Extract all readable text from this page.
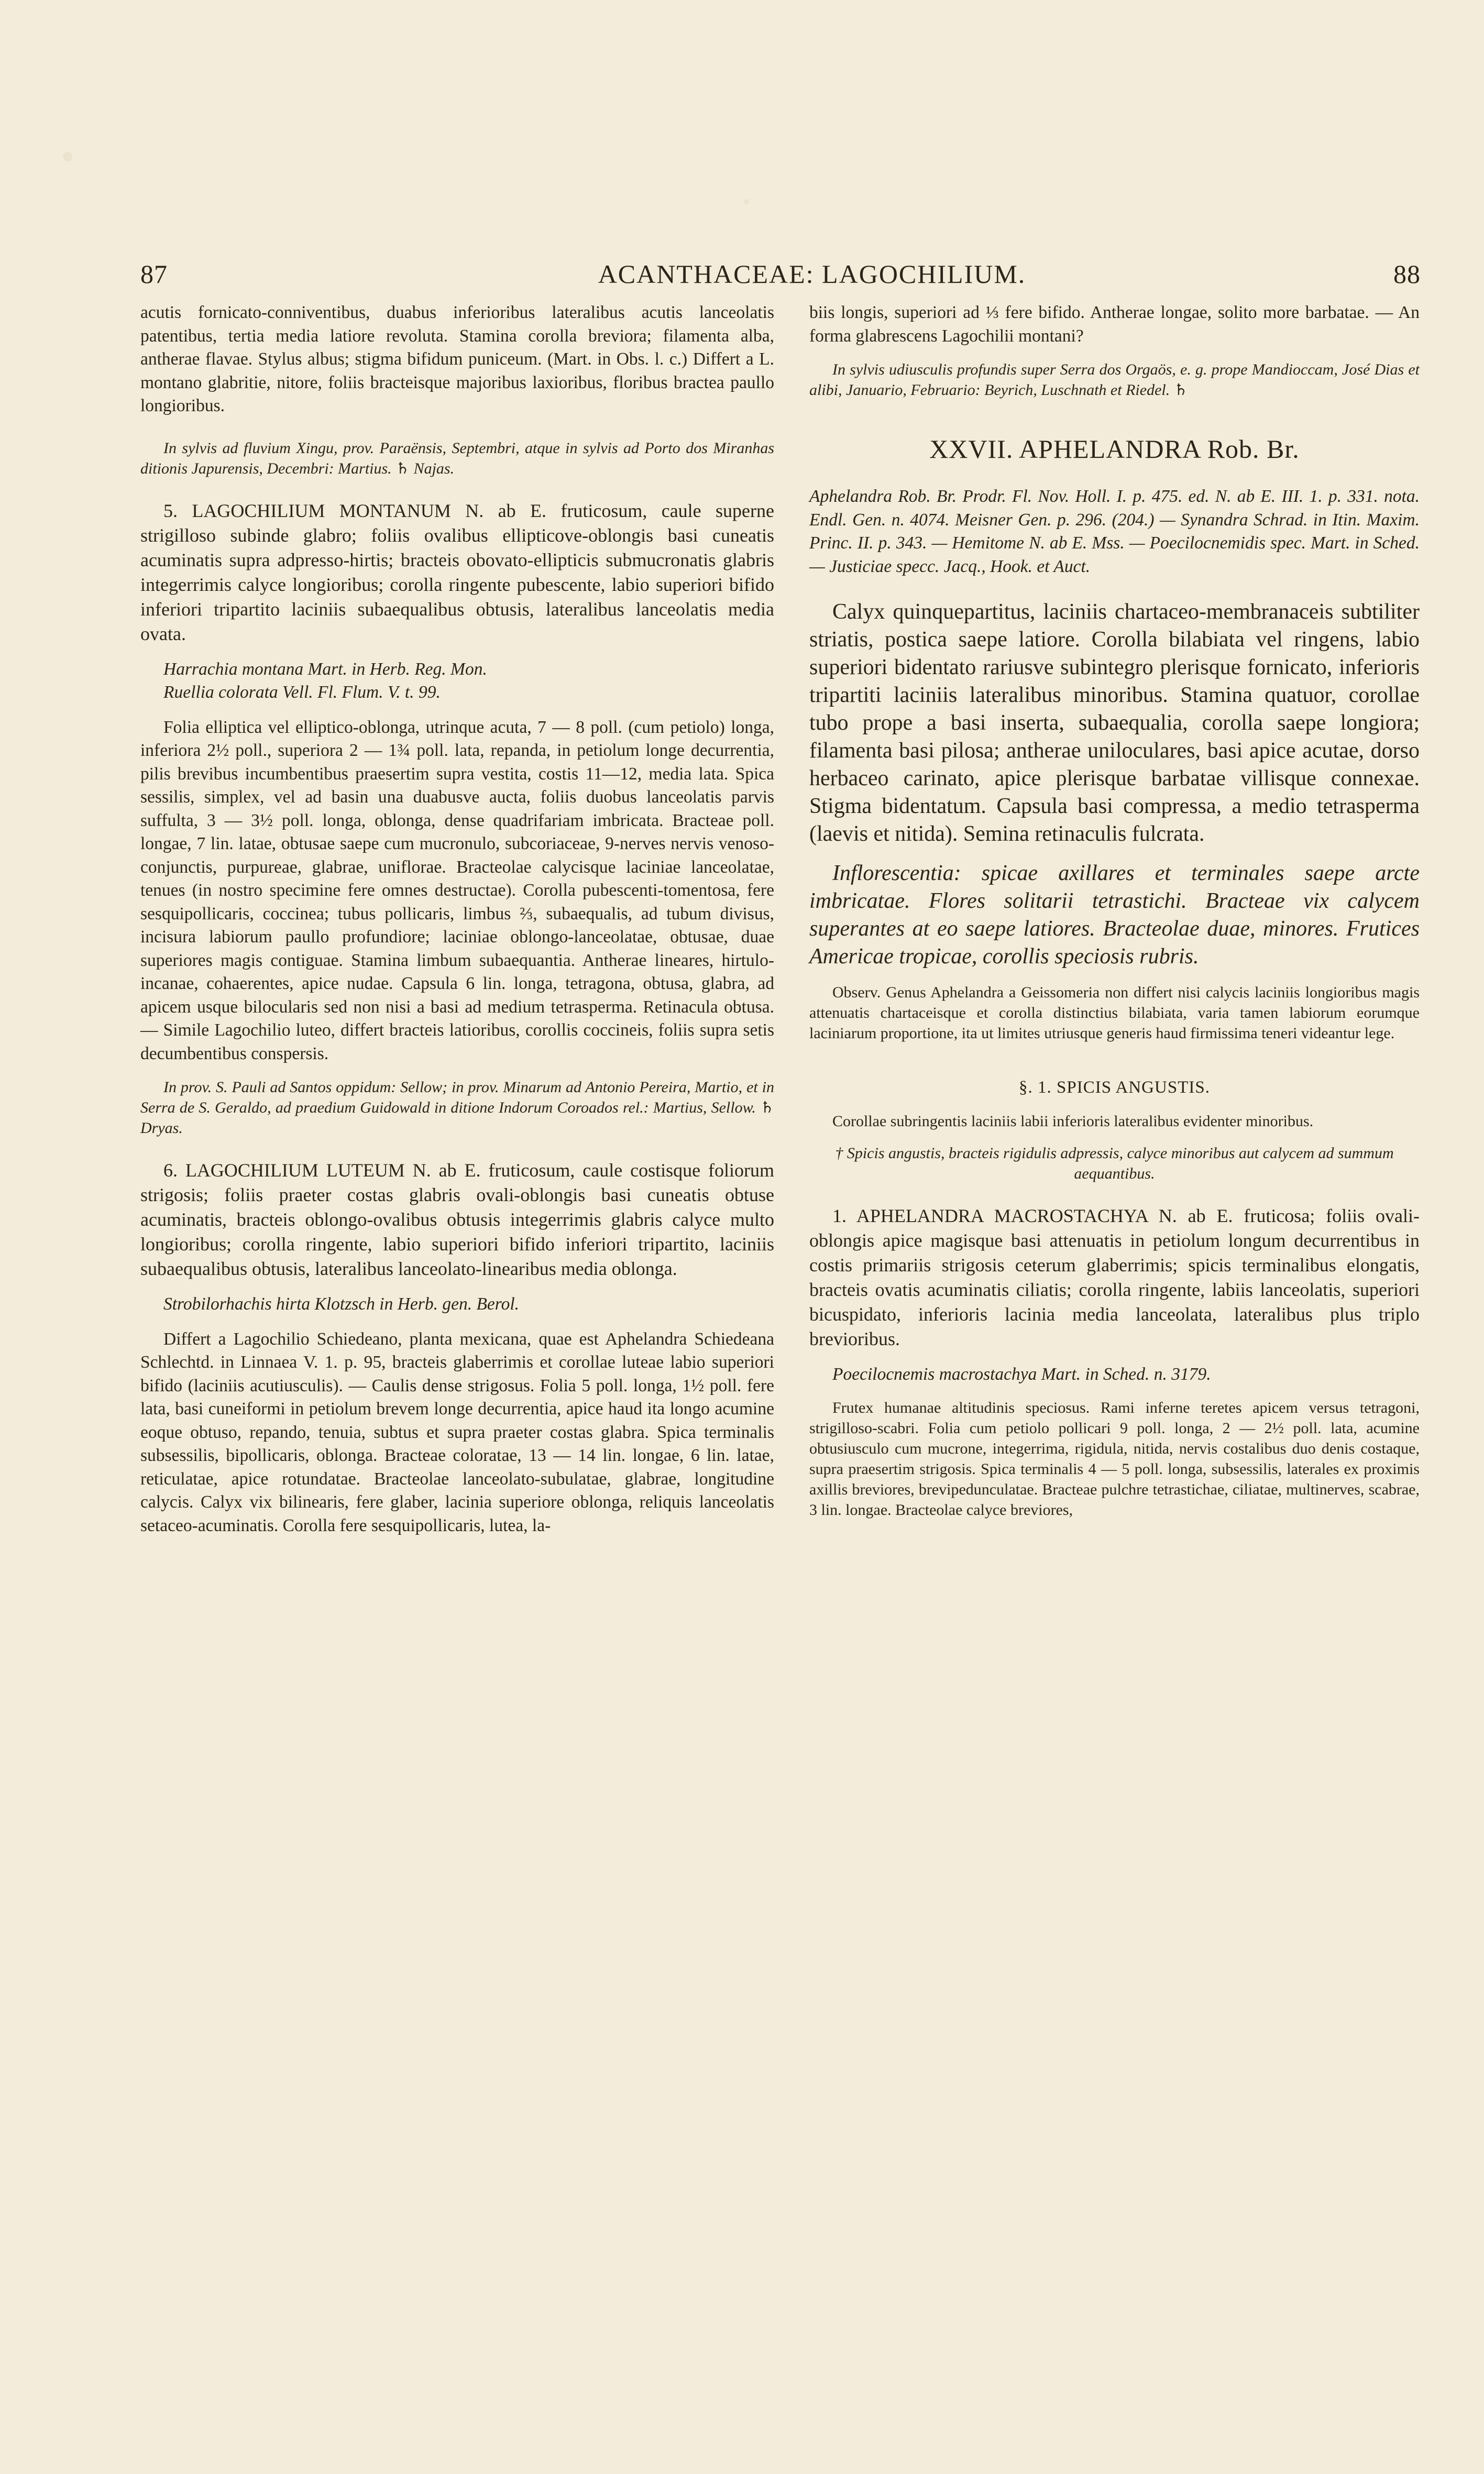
87	ACANTHACEAE: LAGOCHILIUM.	88

acutis fornicato-conniventibus, duabus inferioribus lateralibus acutis lanceolatis patentibus, tertia media latiore revoluta. Stamina corolla breviora; filamenta alba, antherae flavae. Stylus albus; stigma bifidum puniceum. (Mart. in Obs. l. c.) Differt a L. montano glabritie, nitore, foliis bracteisque majoribus laxioribus, floribus bractea paullo longioribus.

In sylvis ad fluvium Xingu, prov. Paraënsis, Septembri, atque in sylvis ad Porto dos Miranhas ditionis Japurensis, Decembri: Martius. ♄ Najas.

5. LAGOCHILIUM MONTANUM N. ab E. fruticosum, caule superne strigilloso subinde glabro; foliis ovalibus ellipticove-oblongis basi cuneatis acuminatis supra adpresso-hirtis; bracteis obovato-ellipticis submucronatis glabris integerrimis calyce longioribus; corolla ringente pubescente, labio superiori bifido inferiori tripartito laciniis subaequalibus obtusis, lateralibus lanceolatis media ovata.

Harrachia montana Mart. in Herb. Reg. Mon.

Ruellia colorata Vell. Fl. Flum. V. t. 99.

Folia elliptica vel elliptico-oblonga, utrinque acuta, 7 — 8 poll. (cum petiolo) longa, inferiora 2½ poll., superiora 2 — 1¾ poll. lata, repanda, in petiolum longe decurrentia, pilis brevibus incumbentibus praesertim supra vestita, costis 11—12, media lata. Spica sessilis, simplex, vel ad basin una duabusve aucta, foliis duobus lanceolatis parvis suffulta, 3 — 3½ poll. longa, oblonga, dense quadrifariam imbricata. Bracteae poll. longae, 7 lin. latae, obtusae saepe cum mucronulo, subcoriaceae, 9-nerves nervis venoso-conjunctis, purpureae, glabrae, uniflorae. Bracteolae calycisque laciniae lanceolatae, tenues (in nostro specimine fere omnes destructae). Corolla pubescenti-tomentosa, fere sesquipollicaris, coccinea; tubus pollicaris, limbus ⅔, subaequalis, ad tubum divisus, incisura labiorum paullo profundiore; laciniae oblongo-lanceolatae, obtusae, duae superiores magis contiguae. Stamina limbum subaequantia. Antherae lineares, hirtulo-incanae, cohaerentes, apice nudae. Capsula 6 lin. longa, tetragona, obtusa, glabra, ad apicem usque bilocularis sed non nisi a basi ad medium tetrasperma. Retinacula obtusa. — Simile Lagochilio luteo, differt bracteis latioribus, corollis coccineis, foliis supra setis decumbentibus conspersis.

In prov. S. Pauli ad Santos oppidum: Sellow; in prov. Minarum ad Antonio Pereira, Martio, et in Serra de S. Geraldo, ad praedium Guidowald in ditione Indorum Coroados rel.: Martius, Sellow. ♄ Dryas.

6. LAGOCHILIUM LUTEUM N. ab E. fruticosum, caule costisque foliorum strigosis; foliis praeter costas glabris ovali-oblongis basi cuneatis obtuse acuminatis, bracteis oblongo-ovalibus obtusis integerrimis glabris calyce multo longioribus; corolla ringente, labio superiori bifido inferiori tripartito, laciniis subaequalibus obtusis, lateralibus lanceolato-linearibus media oblonga.

Strobilorhachis hirta Klotzsch in Herb. gen. Berol.

Differt a Lagochilio Schiedeano, planta mexicana, quae est Aphelandra Schiedeana Schlechtd. in Linnaea V. 1. p. 95, bracteis glaberrimis et corollae luteae labio superiori bifido (laciniis acutiusculis). — Caulis dense strigosus. Folia 5 poll. longa, 1½ poll. fere lata, basi cuneiformi in petiolum brevem longe decurrentia, apice haud ita longo acumine eoque obtuso, repando, tenuia, subtus et supra praeter costas glabra. Spica terminalis subsessilis, bipollicaris, oblonga. Bracteae coloratae, 13 — 14 lin. longae, 6 lin. latae, reticulatae, apice rotundatae. Bracteolae lanceolato-subulatae, glabrae, longitudine calycis. Calyx vix bilinearis, fere glaber, lacinia superiore oblonga, reliquis lanceolatis setaceo-acuminatis. Corolla fere sesquipollicaris, lutea, la-

biis longis, superiori ad ⅓ fere bifido. Antherae longae, solito more barbatae. — An forma glabrescens Lagochilii montani?

In sylvis udiusculis profundis super Serra dos Orgaös, e. g. prope Mandioccam, José Dias et alibi, Januario, Februario: Beyrich, Luschnath et Riedel. ♄

XXVII. APHELANDRA Rob. Br.

Aphelandra Rob. Br. Prodr. Fl. Nov. Holl. I. p. 475. ed. N. ab E. III. 1. p. 331. nota. Endl. Gen. n. 4074. Meisner Gen. p. 296. (204.) — Synandra Schrad. in Itin. Maxim. Princ. II. p. 343. — Hemitome N. ab E. Mss. — Poecilocnemidis spec. Mart. in Sched. — Justiciae specc. Jacq., Hook. et Auct.

Calyx quinquepartitus, laciniis chartaceo-membranaceis subtiliter striatis, postica saepe latiore. Corolla bilabiata vel ringens, labio superiori bidentato rariusve subintegro plerisque fornicato, inferioris tripartiti laciniis lateralibus minoribus. Stamina quatuor, corollae tubo prope a basi inserta, subaequalia, corolla saepe longiora; filamenta basi pilosa; antherae uniloculares, basi apice acutae, dorso herbaceo carinato, apice plerisque barbatae villisque connexae. Stigma bidentatum. Capsula basi compressa, a medio tetrasperma (laevis et nitida). Semina retinaculis fulcrata.

Inflorescentia: spicae axillares et terminales saepe arcte imbricatae. Flores solitarii tetrastichi. Bracteae vix calycem superantes at eo saepe latiores. Bracteolae duae, minores. Frutices Americae tropicae, corollis speciosis rubris.

Observ. Genus Aphelandra a Geissomeria non differt nisi calycis laciniis longioribus magis attenuatis chartaceisque et corolla distinctius bilabiata, varia tamen labiorum eorumque laciniarum proportione, ita ut limites utriusque generis haud firmissima teneri videantur lege.

§. 1. SPICIS ANGUSTIS.

Corollae subringentis laciniis labii inferioris lateralibus evidenter minoribus.

† Spicis angustis, bracteis rigidulis adpressis, calyce minoribus aut calycem ad summum aequantibus.

1. APHELANDRA MACROSTACHYA N. ab E. fruticosa; foliis ovali-oblongis apice magisque basi attenuatis in petiolum longum decurrentibus in costis primariis strigosis ceterum glaberrimis; spicis terminalibus elongatis, bracteis ovatis acuminatis ciliatis; corolla ringente, labiis lanceolatis, superiori bicuspidato, inferioris lacinia media lanceolata, lateralibus plus triplo brevioribus.

Poecilocnemis macrostachya Mart. in Sched. n. 3179.

Frutex humanae altitudinis speciosus. Rami inferne teretes apicem versus tetragoni, strigilloso-scabri. Folia cum petiolo pollicari 9 poll. longa, 2 — 2½ poll. lata, acumine obtusiusculo cum mucrone, integerrima, rigidula, nitida, nervis costalibus duo denis costaque, supra praesertim strigosis. Spica terminalis 4 — 5 poll. longa, subsessilis, laterales ex proximis axillis breviores, brevipedunculatae. Bracteae pulchre tetrastichae, ciliatae, multinerves, scabrae, 3 lin. longae. Bracteolae calyce breviores,
